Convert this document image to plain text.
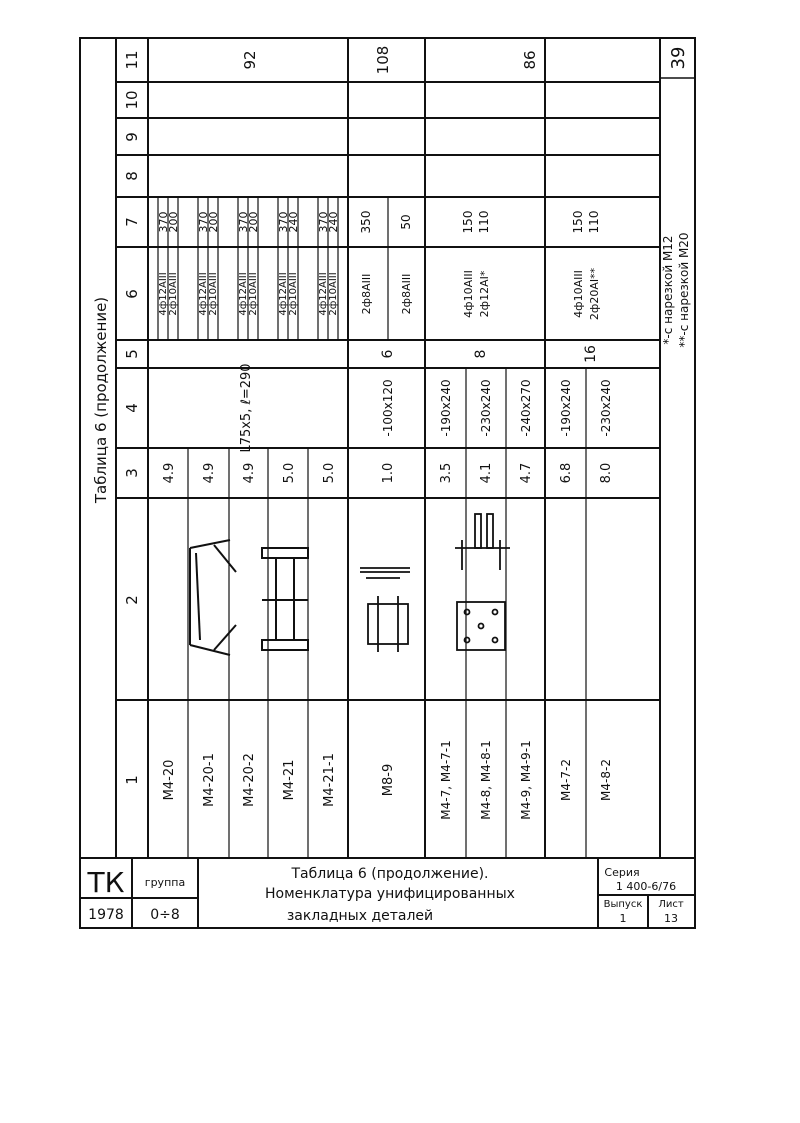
Таблица 6 (продолжение)
11
10
9
8
7
6
5
4
3
2
1 М4-20 М4-20-1 М4-20-2 М4-21 М4-21-1
4.9 4.9 4.9 5.0 5.0
L75x5, ℓ=290
4ф12АIII 2ф10АIII 4ф12АIII 2ф10АIII 4ф12АIII 2ф10АIII 4ф12АIII 2ф10АIII 4ф12АIII 2ф10АIII
370
200 370
200 370
200 370
240 370
240
92
М8-9
1.0
-100x120
6
2ф8АIII 2ф8АIII
350 50
108
М4-7, М4-7-1 М4-8, М4-8-1 М4-9, М4-9-1
3.5 4.1 4.7
-190x240 -230x240 -240x270
8
4ф10АIII 2ф12АI*
150 110
М4-7-2 М4-8-2
6.8 8.0
-190x240 -230x240
16
4ф10АIII 2ф20АI**
150 110
86	39
*-с нарезкой М12 **-с нарезкой М20
ТК группа
1978 0÷8
Таблица 6 (продолжение).
Номенклатура унифицированных
закладных деталей
Серия
1 400-6/76
Выпуск
1
Лист
13
